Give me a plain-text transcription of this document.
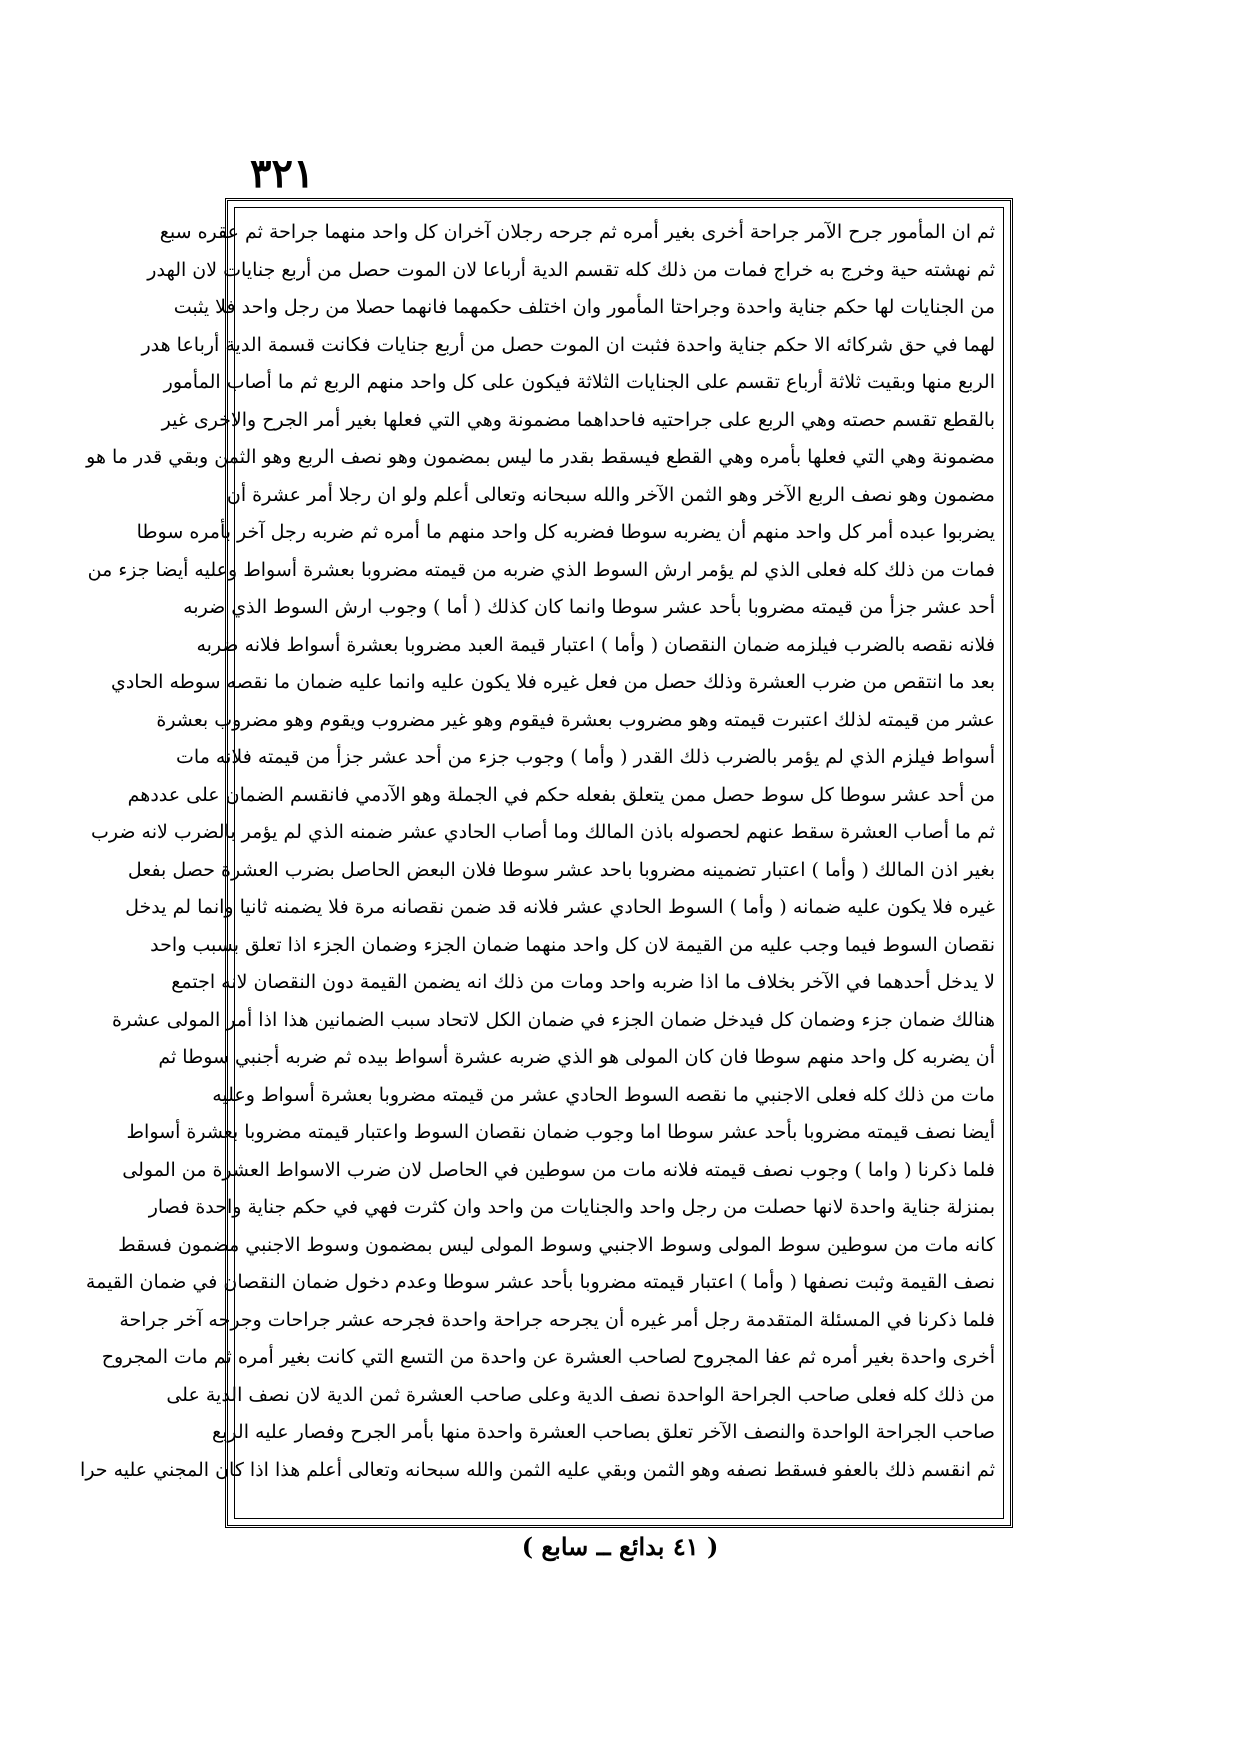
٣٢١
ثم ان المأمور جرح الآمر جراحة أخرى بغير أمره ثم جرحه رجلان آخران كل واحد منهما جراحة ثم عقره سبع
ثم نهشته حية وخرج به خراج فمات من ذلك كله تقسم الدية أرباعا لان الموت حصل من أربع جنايات لان الهدر
من الجنايات لها حكم جناية واحدة وجراحتا المأمور وان اختلف حكمهما فانهما حصلا من رجل واحد فلا يثبت
لهما في حق شركائه الا حكم جناية واحدة فثبت ان الموت حصل من أربع جنايات فكانت قسمة الدية أرباعا هدر
الربع منها وبقيت ثلاثة أرباع تقسم على الجنايات الثلاثة فيكون على كل واحد منهم الربع ثم ما أصاب المأمور
بالقطع تقسم حصته وهي الربع على جراحتيه فاحداهما مضمونة وهي التي فعلها بغير أمر الجرح والاخرى غير
مضمونة وهي التي فعلها بأمره وهي القطع فيسقط بقدر ما ليس بمضمون وهو نصف الربع وهو الثمن وبقي قدر ما هو
مضمون وهو نصف الربع الآخر وهو الثمن الآخر والله سبحانه وتعالى أعلم ولو ان رجلا أمر عشرة أن
يضربوا عبده أمر كل واحد منهم أن يضربه سوطا فضربه كل واحد منهم ما أمره ثم ضربه رجل آخر بأمره سوطا
فمات من ذلك كله فعلى الذي لم يؤمر ارش السوط الذي ضربه من قيمته مضروبا بعشرة أسواط وعليه أيضا جزء من
أحد عشر جزأ من قيمته مضروبا بأحد عشر سوطا وانما كان كذلك ( أما ) وجوب ارش السوط الذي ضربه
فلانه نقصه بالضرب فيلزمه ضمان النقصان ( وأما ) اعتبار قيمة العبد مضروبا بعشرة أسواط فلانه ضربه
بعد ما انتقص من ضرب العشرة وذلك حصل من فعل غيره فلا يكون عليه وانما عليه ضمان ما نقصه سوطه الحادي
عشر من قيمته لذلك اعتبرت قيمته وهو مضروب بعشرة فيقوم وهو غير مضروب ويقوم وهو مضروب بعشرة
أسواط فيلزم الذي لم يؤمر بالضرب ذلك القدر ( وأما ) وجوب جزء من أحد عشر جزأ من قيمته فلانه مات
من أحد عشر سوطا كل سوط حصل ممن يتعلق بفعله حكم في الجملة وهو الآدمي فانقسم الضمان على عددهم
ثم ما أصاب العشرة سقط عنهم لحصوله باذن المالك وما أصاب الحادي عشر ضمنه الذي لم يؤمر بالضرب لانه ضرب
بغير اذن المالك ( وأما ) اعتبار تضمينه مضروبا باحد عشر سوطا فلان البعض الحاصل بضرب العشرة حصل بفعل
غيره فلا يكون عليه ضمانه ( وأما ) السوط الحادي عشر فلانه قد ضمن نقصانه مرة فلا يضمنه ثانيا وانما لم يدخل
نقصان السوط فيما وجب عليه من القيمة لان كل واحد منهما ضمان الجزء وضمان الجزء اذا تعلق بسبب واحد
لا يدخل أحدهما في الآخر بخلاف ما اذا ضربه واحد ومات من ذلك انه يضمن القيمة دون النقصان لانه اجتمع
هنالك ضمان جزء وضمان كل فيدخل ضمان الجزء في ضمان الكل لاتحاد سبب الضمانين هذا اذا أمر المولى عشرة
أن يضربه كل واحد منهم سوطا فان كان المولى هو الذي ضربه عشرة أسواط بيده ثم ضربه أجنبي سوطا ثم
مات من ذلك كله فعلى الاجنبي ما نقصه السوط الحادي عشر من قيمته مضروبا بعشرة أسواط وعليه
أيضا نصف قيمته مضروبا بأحد عشر سوطا اما وجوب ضمان نقصان السوط واعتبار قيمته مضروبا بعشرة أسواط
فلما ذكرنا ( واما ) وجوب نصف قيمته فلانه مات من سوطين في الحاصل لان ضرب الاسواط العشرة من المولى
بمنزلة جناية واحدة لانها حصلت من رجل واحد والجنايات من واحد وان كثرت فهي في حكم جناية واحدة فصار
كانه مات من سوطين سوط المولى وسوط الاجنبي وسوط المولى ليس بمضمون وسوط الاجنبي مضمون فسقط
نصف القيمة وثبت نصفها ( وأما ) اعتبار قيمته مضروبا بأحد عشر سوطا وعدم دخول ضمان النقصان في ضمان القيمة
فلما ذكرنا في المسئلة المتقدمة رجل أمر غيره أن يجرحه جراحة واحدة فجرحه عشر جراحات وجرحه آخر جراحة
أخرى واحدة بغير أمره ثم عفا المجروح لصاحب العشرة عن واحدة من التسع التي كانت بغير أمره ثم مات المجروح
من ذلك كله فعلى صاحب الجراحة الواحدة نصف الدية وعلى صاحب العشرة ثمن الدية لان نصف الدية على
صاحب الجراحة الواحدة والنصف الآخر تعلق بصاحب العشرة واحدة منها بأمر الجرح وفصار عليه الربع
ثم انقسم ذلك بالعفو فسقط نصفه وهو الثمن وبقي عليه الثمن والله سبحانه وتعالى أعلم هذا اذا كان المجني عليه حرا
( ٤١ بدائع ــ سابع )
